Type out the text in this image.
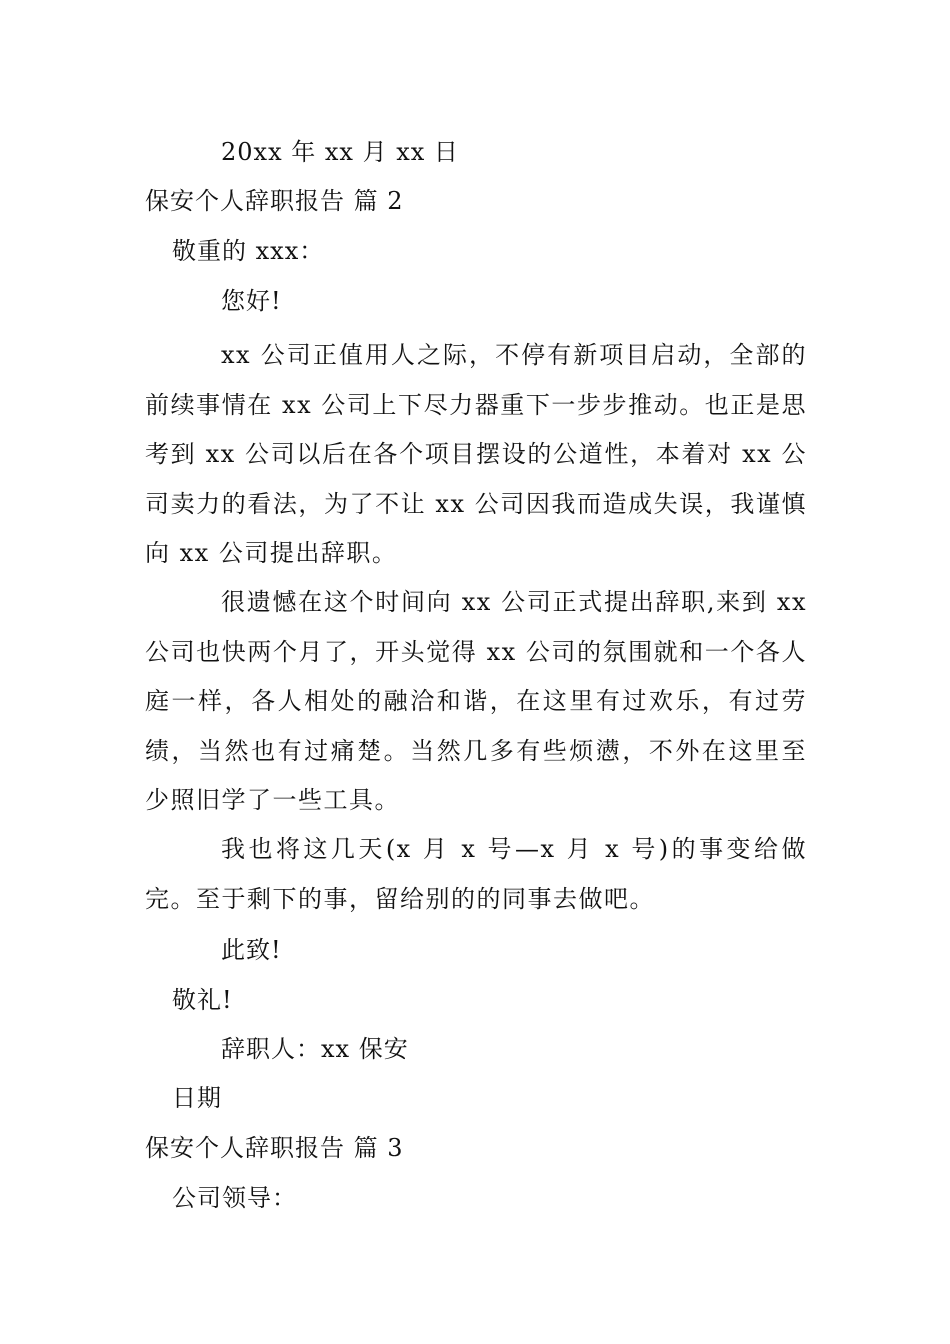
20xx 年 xx 月 xx 日
保安个人辞职报告 篇 2
敬重的 xxx：
您好!
xx 公司正值用人之际，不停有新项目启动，全部的前续事情在 xx 公司上下尽力器重下一步步推动。也正是思考到 xx 公司以后在各个项目摆设的公道性，本着对 xx 公司卖力的看法，为了不让 xx 公司因我而造成失误，我谨慎向 xx 公司提出辞职。
很遗憾在这个时间向 xx 公司正式提出辞职,来到 xx 公司也快两个月了，开头觉得 xx 公司的氛围就和一个各人庭一样，各人相处的融洽和谐，在这里有过欢乐，有过劳绩，当然也有过痛楚。当然几多有些烦懑，不外在这里至少照旧学了一些工具。
我也将这几天(x 月 x 号—x 月 x 号)的事变给做完。至于剩下的事，留给别的的同事去做吧。
此致!
敬礼!
辞职人：xx 保安
日期
保安个人辞职报告 篇 3
公司领导：
